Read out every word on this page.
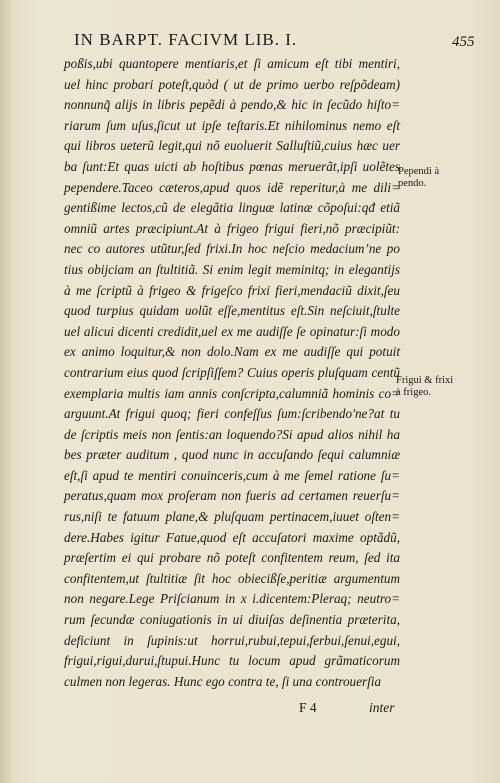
IN BARPT. FACIVM LIB. I.	455
poßis,ubi quantopere mentiaris,et ſi amicum eſt tibi mentiri,
uel hinc probari poteſt,quòd ( ut de primo uerbo reſpõdeam)
nonnunq̃ alijs in libris pepẽdi à pendo,& hic in ſecũdo hiſto=
riarum ſum uſus,ſicut ut ipſe teſtaris.Et nihilominus nemo eſt
qui libros ueterũ legit,qui nõ euoluerit Salluſtiũ,cuius hæc uer
ba ſunt:Et quas uicti ab hoſtibus pœnas meruerãt,ipſi uolẽtes
pependere.Taceo cæteros,apud quos idẽ reperitur,à me dili=
gentißime lectos,cũ de elegãtia linguæ latinæ cõpoſui:qđ etiã
omniũ artes præcipiunt.At à frigeo frigui fieri,nõ præcipiũt:
nec co autores utũtur,ſed frixi.In hoc neſcio medaciumʼne po
tius obijciam an ſtultitiã. Si enim legit meminitq; in elegantijs
à me ſcriptũ à frigeo & frigeſco frixi fieri,mendaciũ dixit,ſeu
quod turpius quidam uolũt eſſe,mentitus eſt.Sin neſciuit,ſtulte
uel alicui dicenti credidit,uel ex me audiſſe ſe opinatur:ſi modo
ex animo loquitur,& non dolo.Nam ex me audiſſe qui potuit
contrarium eius quod ſcripſiſſem? Cuius operis pluſquam centũ
exemplaria multis iam annis conſcripta,calumniã hominis co=
arguunt.At frigui quoq; fieri confeſſus ſum:ſcribendo'ne?at tu
de ſcriptis meis non ſentis:an loquendo?Si apud alios nihil ha
bes præter auditum , quod nunc in accuſando ſequi calumniæ
eſt,ſi apud te mentiri conuinceris,cum à me ſemel ratione ſu=
peratus,quam mox proſeram non fueris ad certamen reuerſu=
rus,niſi te fatuum plane,& pluſquam pertinacem,iuuet oſten=
dere.Habes igitur Fatue,quod eſt accuſatori maxime optãdũ,
præſertim ei qui probare nõ poteſt confitentem reum, ſed ita
confitentem,ut ſtultitiæ ſit hoc obiecißſe,peritiæ argumentum
non negare.Lege Priſcianum in x i.dicentem:Pleraq; neutro=
rum ſecundæ coniugationis in ui diuiſas deſinentia præterita,
deficiunt in ſupinis:ut horrui,rubui,tepui,ferbui,ſenui,egui,
frigui,rigui,durui,ſtupui.Hunc tu locum apud grãmaticorum
culmen non legeras. Hunc ego contra te, ſi una controuerſia
Pependi à
pendo.
Frigui & frixi
à frigeo.
F 4	inter
